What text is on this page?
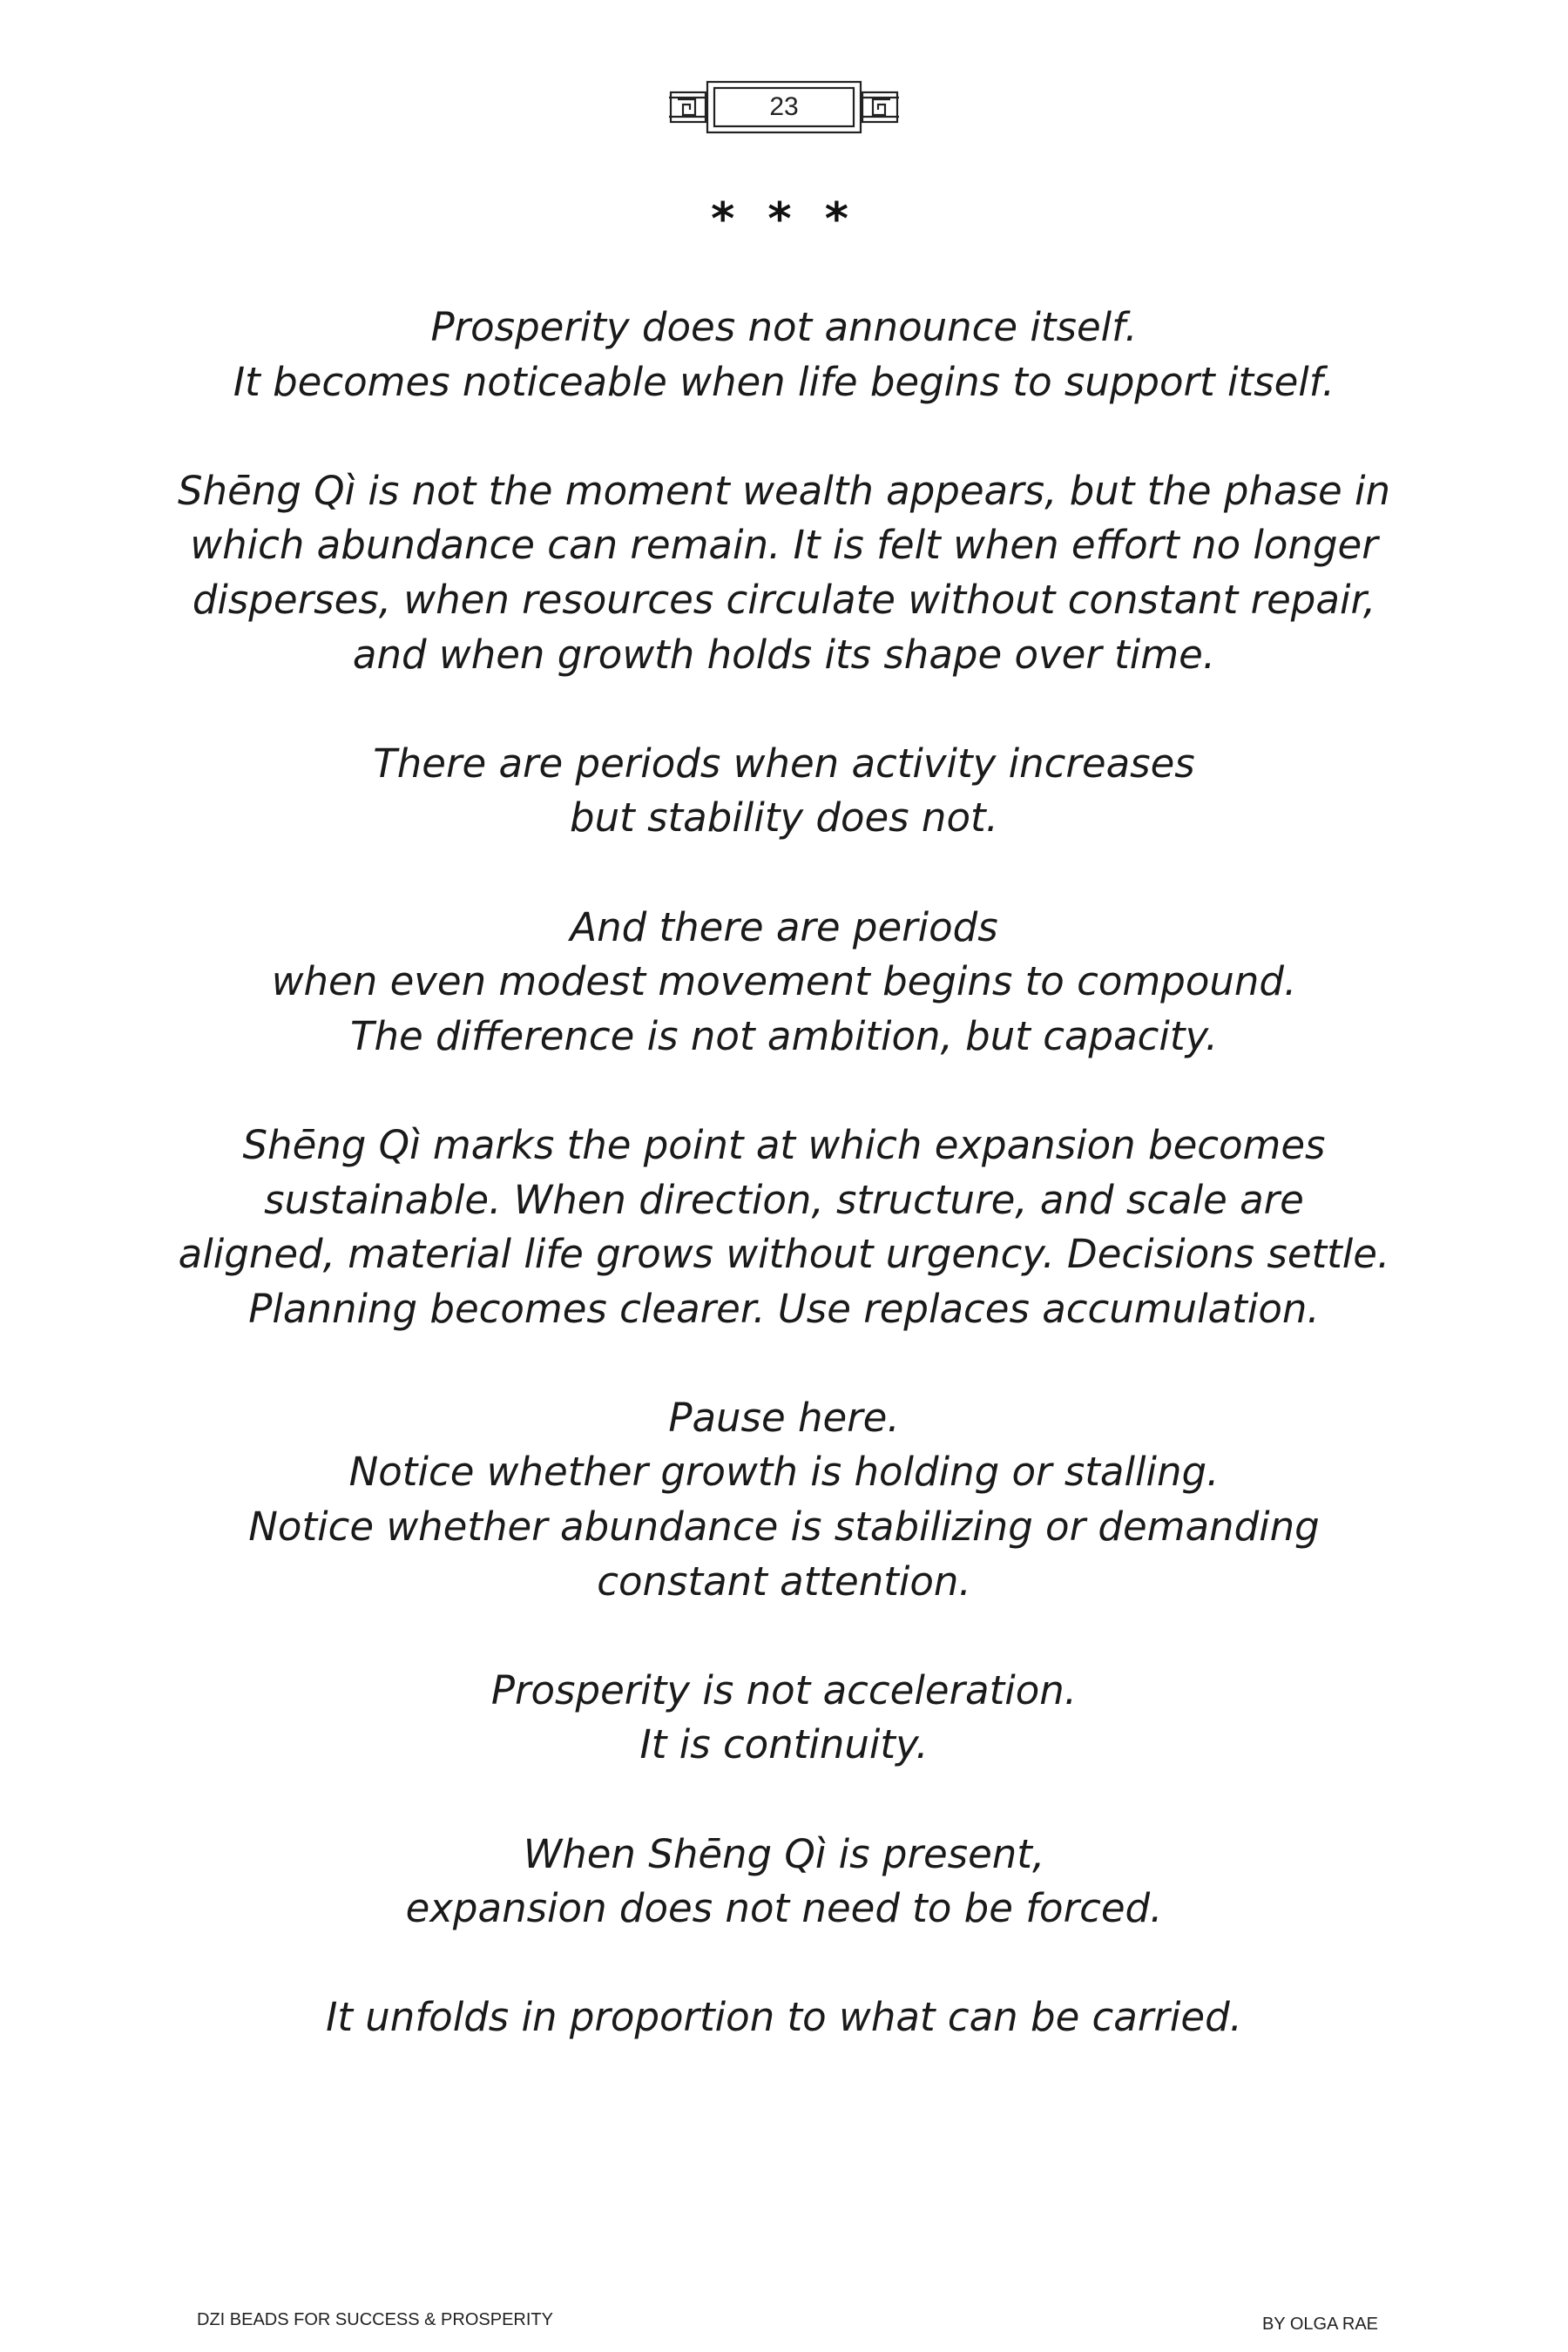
23
* * *

Prosperity does not announce itself.
It becomes noticeable when life begins to support itself.

Shēng Qì is not the moment wealth appears, but the phase in
which abundance can remain. It is felt when effort no longer
disperses, when resources circulate without constant repair,
and when growth holds its shape over time.

There are periods when activity increases
but stability does not.

And there are periods
when even modest movement begins to compound.
The difference is not ambition, but capacity.

Shēng Qì marks the point at which expansion becomes
sustainable. When direction, structure, and scale are
aligned, material life grows without urgency. Decisions settle.
Planning becomes clearer. Use replaces accumulation.

Pause here.
Notice whether growth is holding or stalling.
Notice whether abundance is stabilizing or demanding
constant attention.

Prosperity is not acceleration.
It is continuity.

When Shēng Qì is present,
expansion does not need to be forced.

It unfolds in proportion to what can be carried.

DZI BEADS FOR SUCCESS & PROSPERITY	BY OLGA RAE
